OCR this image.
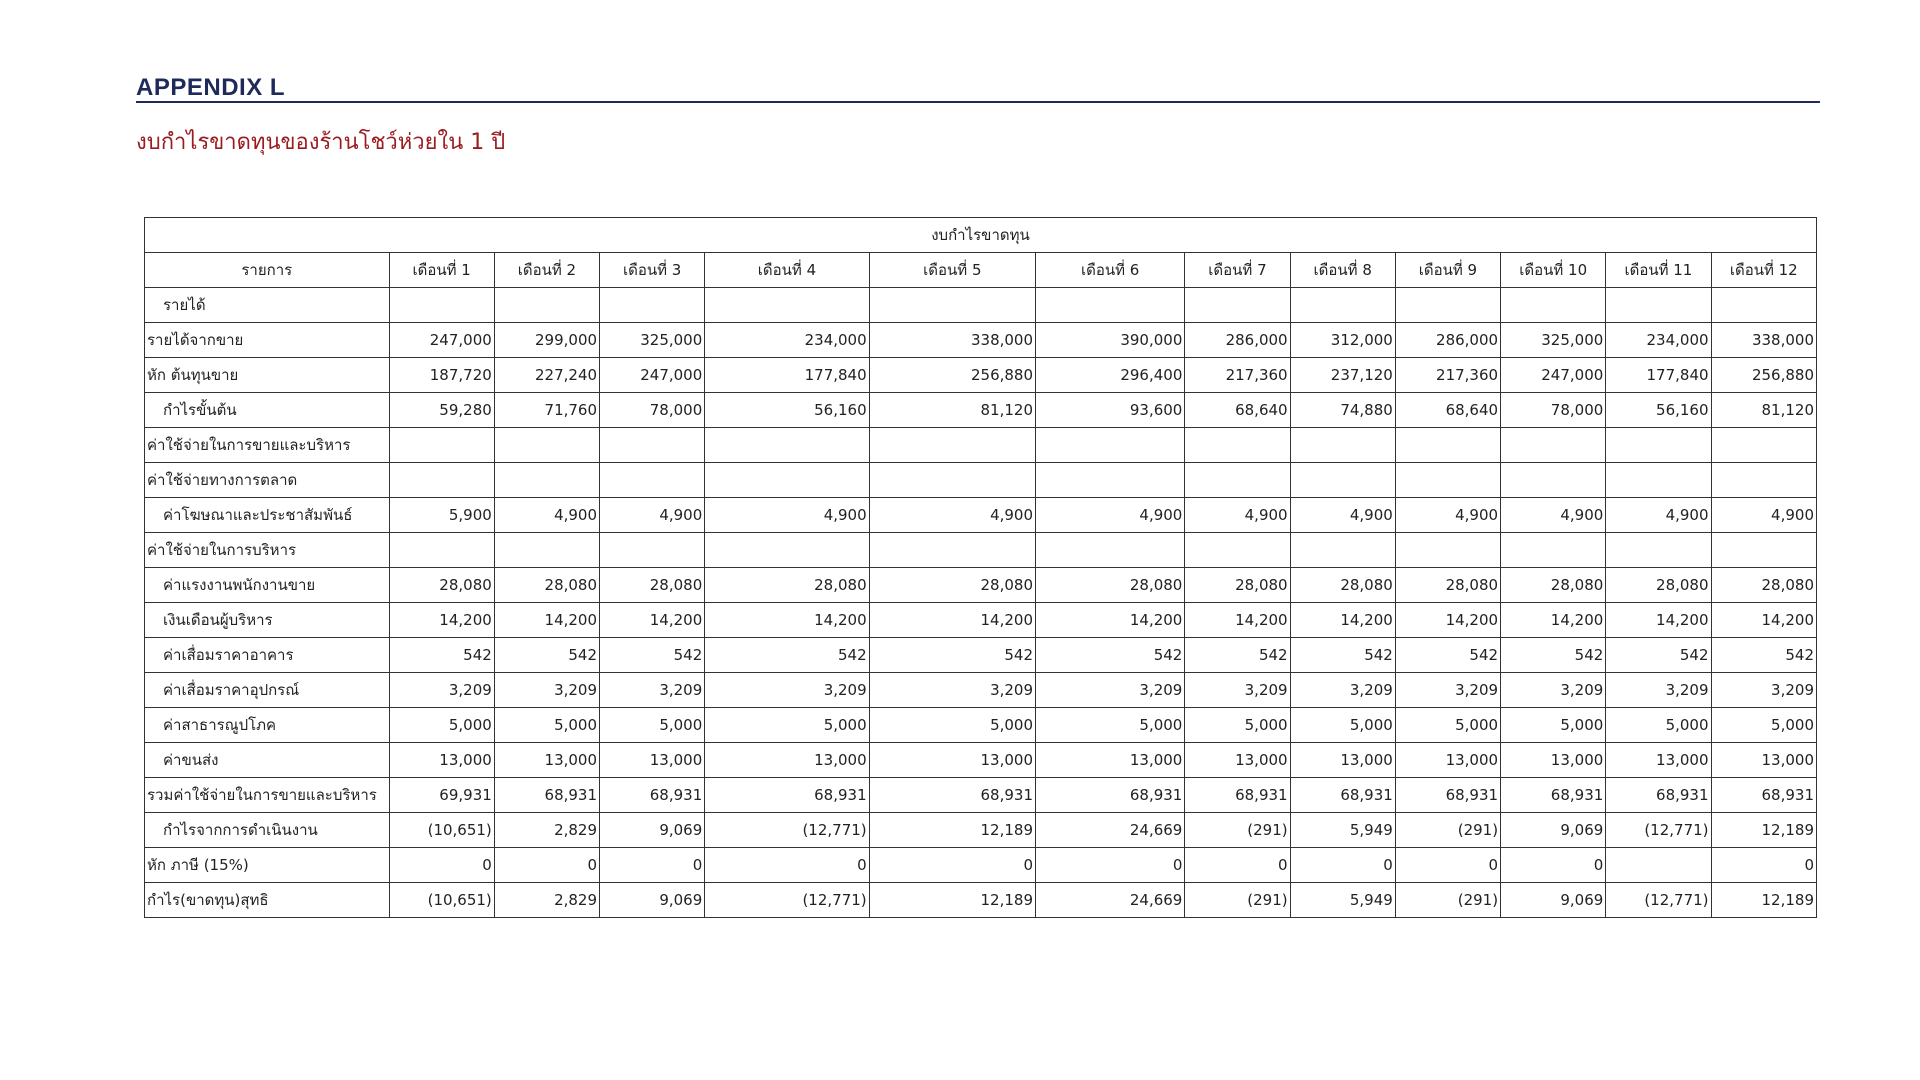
APPENDIX L
งบกำไรขาดทุนของร้านโชว์ห่วยใน 1 ปี
งบกำไรขาดทุน												
รายการ	เดือนที่ 1	เดือนที่ 2	เดือนที่ 3	เดือนที่ 4	เดือนที่ 5	เดือนที่ 6	เดือนที่ 7	เดือนที่ 8	เดือนที่ 9	เดือนที่ 10	เดือนที่ 11	เดือนที่ 12
รายได้												
รายได้จากขาย	247,000	299,000	325,000	234,000	338,000	390,000	286,000	312,000	286,000	325,000	234,000	338,000
หัก ต้นทุนขาย	187,720	227,240	247,000	177,840	256,880	296,400	217,360	237,120	217,360	247,000	177,840	256,880
กำไรขั้นต้น	59,280	71,760	78,000	56,160	81,120	93,600	68,640	74,880	68,640	78,000	56,160	81,120
ค่าใช้จ่ายในการขายและบริหาร												
ค่าใช้จ่ายทางการตลาด												
ค่าโฆษณาและประชาสัมพันธ์	5,900	4,900	4,900	4,900	4,900	4,900	4,900	4,900	4,900	4,900	4,900	4,900
ค่าใช้จ่ายในการบริหาร												
ค่าแรงงานพนักงานขาย	28,080	28,080	28,080	28,080	28,080	28,080	28,080	28,080	28,080	28,080	28,080	28,080
เงินเดือนผู้บริหาร	14,200	14,200	14,200	14,200	14,200	14,200	14,200	14,200	14,200	14,200	14,200	14,200
ค่าเสื่อมราคาอาคาร	542	542	542	542	542	542	542	542	542	542	542	542
ค่าเสื่อมราคาอุปกรณ์	3,209	3,209	3,209	3,209	3,209	3,209	3,209	3,209	3,209	3,209	3,209	3,209
ค่าสาธารณูปโภค	5,000	5,000	5,000	5,000	5,000	5,000	5,000	5,000	5,000	5,000	5,000	5,000
ค่าขนส่ง	13,000	13,000	13,000	13,000	13,000	13,000	13,000	13,000	13,000	13,000	13,000	13,000
รวมค่าใช้จ่ายในการขายและบริหาร	69,931	68,931	68,931	68,931	68,931	68,931	68,931	68,931	68,931	68,931	68,931	68,931
กำไรจากการดำเนินงาน	(10,651)	2,829	9,069	(12,771)	12,189	24,669	(291)	5,949	(291)	9,069	(12,771)	12,189
หัก ภาษี (15%)	0	0	0	0	0	0	0	0	0	0		0
กำไร(ขาดทุน)สุทธิ	(10,651)	2,829	9,069	(12,771)	12,189	24,669	(291)	5,949	(291)	9,069	(12,771)	12,189
